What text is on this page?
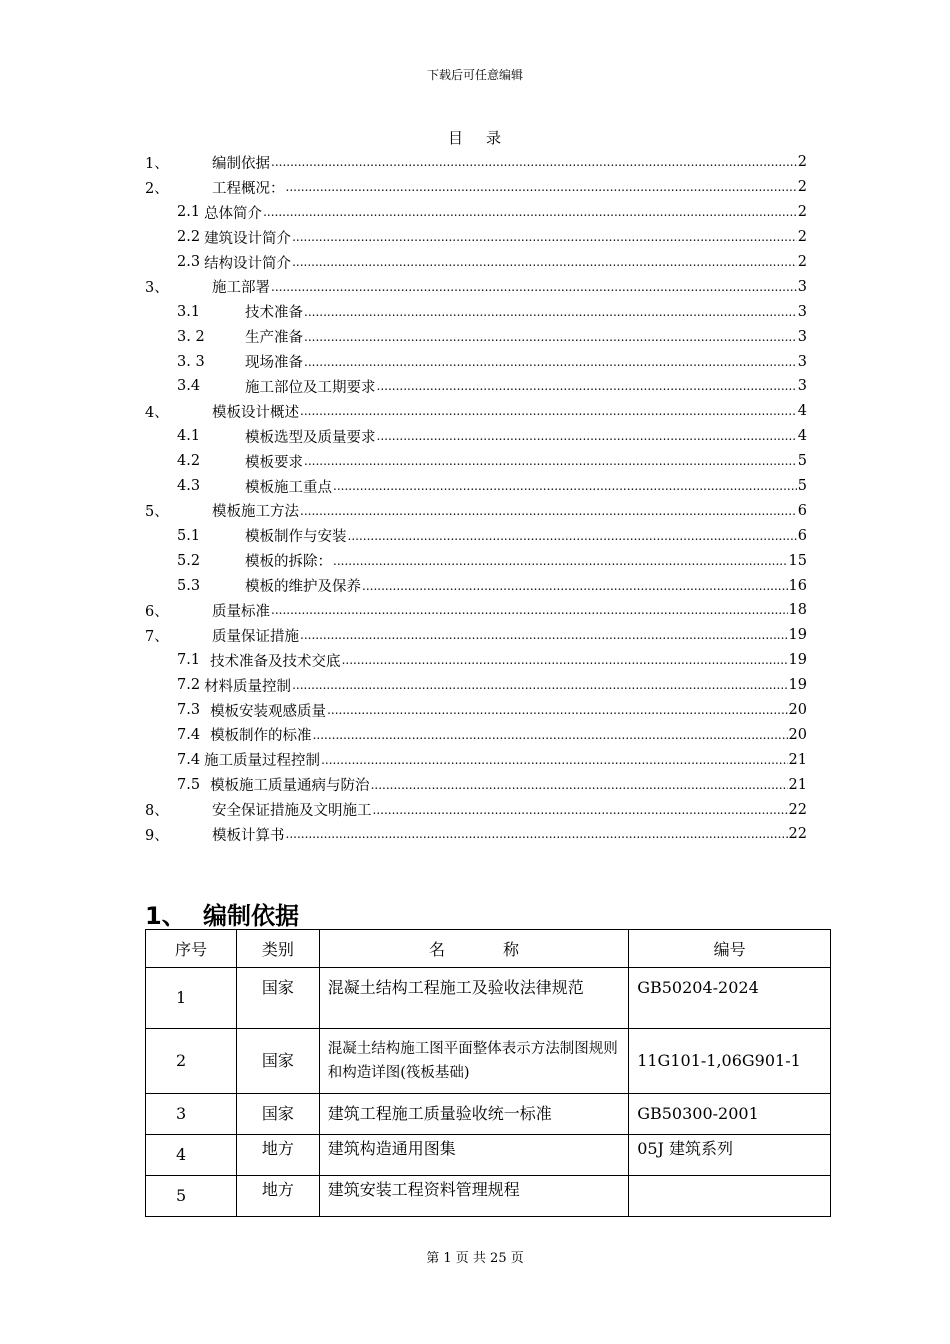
下载后可任意编辑
目 录
1、	编制依据 .....	2
2、	工程概况： .....	2
2.1 总体简介 .....	2
2.2 建筑设计简介 .....	2
2.3 结构设计简介 .....	2
3、	施工部署 .....	3
3.1	技术准备 .....	3
3. 2	生产准备 .....	3
3. 3	现场准备 .....	3
3.4	施工部位及工期要求 .....	3
4、	模板设计概述 .....	4
4.1	模板选型及质量要求 .....	4
4.2	模板要求 .....	5
4.3	模板施工重点 .....	5
5、	模板施工方法 .....	6
5.1	模板制作与安装 .....	6
5.2	模板的拆除： .....	15
5.3	模板的维护及保养 .....	16
6、	质量标准 .....	18
7、	质量保证措施 .....	19
7.1 技术准备及技术交底 .....	19
7.2 材料质量控制 .....	19
7.3 模板安装观感质量 .....	20
7.4 模板制作的标准 .....	20
7.4 施工质量过程控制 .....	21
7.5 模板施工质量通病与防治 .....	21
8、	安全保证措施及文明施工 .....	22
9、	模板计算书 .....	22
1、 编制依据
序号	类别	名 称	编号
1	国家	混凝土结构工程施工及验收法律规范	GB50204-2024
2	国家	混凝土结构施工图平面整体表示方法制图规则和构造详图(筏板基础)	11G101-1,06G901-1
3	国家	建筑工程施工质量验收统一标准	GB50300-2001
4	地方	建筑构造通用图集	05J 建筑系列
5	地方	建筑安装工程资料管理规程	
第 1 页 共 25 页
